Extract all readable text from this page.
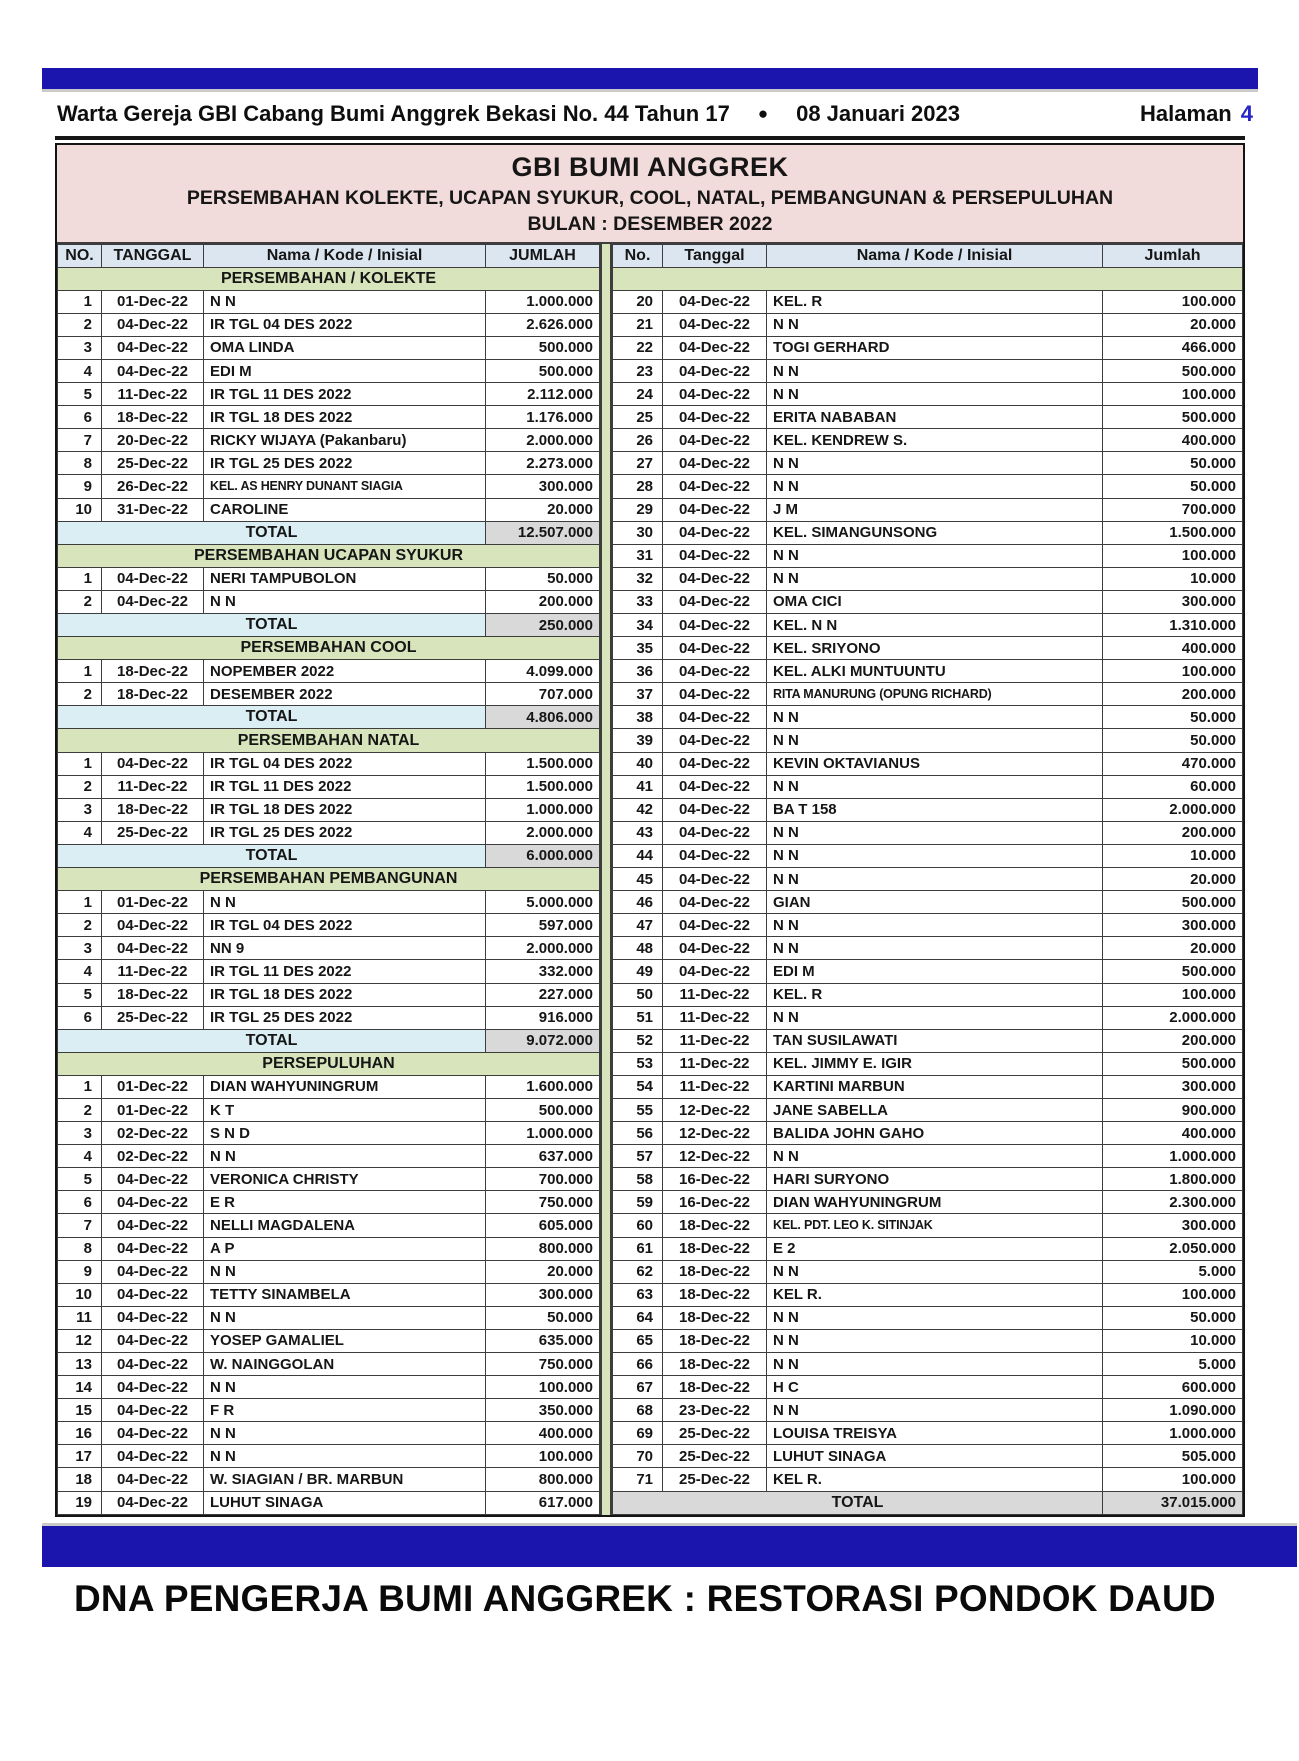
Warta Gereja GBI Cabang Bumi Anggrek Bekasi No. 44 Tahun 17 ● 08 Januari 2023	Halaman 4
GBI BUMI ANGGREK
PERSEMBAHAN KOLEKTE, UCAPAN SYUKUR, COOL, NATAL, PEMBANGUNAN & PERSEPULUHAN
BULAN : DESEMBER 2022
NO.	TANGGAL	Nama / Kode / Inisial	JUMLAH
PERSEMBAHAN / KOLEKTE			
1	01-Dec-22	N N	1.000.000
2	04-Dec-22	IR TGL 04 DES 2022	2.626.000
3	04-Dec-22	OMA LINDA	500.000
4	04-Dec-22	EDI M	500.000
5	11-Dec-22	IR TGL 11 DES 2022	2.112.000
6	18-Dec-22	IR TGL 18 DES 2022	1.176.000
7	20-Dec-22	RICKY WIJAYA (Pakanbaru)	2.000.000
8	25-Dec-22	IR TGL 25 DES 2022	2.273.000
9	26-Dec-22	KEL. AS HENRY DUNANT SIAGIA	300.000
10	31-Dec-22	CAROLINE	20.000
TOTAL			12.507.000
PERSEMBAHAN UCAPAN SYUKUR			
1	04-Dec-22	NERI TAMPUBOLON	50.000
2	04-Dec-22	N N	200.000
TOTAL			250.000
PERSEMBAHAN COOL			
1	18-Dec-22	NOPEMBER 2022	4.099.000
2	18-Dec-22	DESEMBER 2022	707.000
TOTAL			4.806.000
PERSEMBAHAN NATAL			
1	04-Dec-22	IR TGL 04 DES 2022	1.500.000
2	11-Dec-22	IR TGL 11 DES 2022	1.500.000
3	18-Dec-22	IR TGL 18 DES 2022	1.000.000
4	25-Dec-22	IR TGL 25 DES 2022	2.000.000
TOTAL			6.000.000
PERSEMBAHAN PEMBANGUNAN			
1	01-Dec-22	N N	5.000.000
2	04-Dec-22	IR TGL 04 DES 2022	597.000
3	04-Dec-22	NN 9	2.000.000
4	11-Dec-22	IR TGL 11 DES 2022	332.000
5	18-Dec-22	IR TGL 18 DES 2022	227.000
6	25-Dec-22	IR TGL 25 DES 2022	916.000
TOTAL			9.072.000
PERSEPULUHAN			
1	01-Dec-22	DIAN WAHYUNINGRUM	1.600.000
2	01-Dec-22	K T	500.000
3	02-Dec-22	S N D	1.000.000
4	02-Dec-22	N N	637.000
5	04-Dec-22	VERONICA CHRISTY	700.000
6	04-Dec-22	E R	750.000
7	04-Dec-22	NELLI MAGDALENA	605.000
8	04-Dec-22	A P	800.000
9	04-Dec-22	N N	20.000
10	04-Dec-22	TETTY SINAMBELA	300.000
11	04-Dec-22	N N	50.000
12	04-Dec-22	YOSEP GAMALIEL	635.000
13	04-Dec-22	W. NAINGGOLAN	750.000
14	04-Dec-22	N N	100.000
15	04-Dec-22	F R	350.000
16	04-Dec-22	N N	400.000
17	04-Dec-22	N N	100.000
18	04-Dec-22	W. SIAGIAN / BR. MARBUN	800.000
19	04-Dec-22	LUHUT SINAGA	617.000
No.	Tanggal	Nama / Kode / Inisial	Jumlah

20	04-Dec-22	KEL. R	100.000
21	04-Dec-22	N N	20.000
22	04-Dec-22	TOGI GERHARD	466.000
23	04-Dec-22	N N	500.000
24	04-Dec-22	N N	100.000
25	04-Dec-22	ERITA NABABAN	500.000
26	04-Dec-22	KEL. KENDREW S.	400.000
27	04-Dec-22	N N	50.000
28	04-Dec-22	N N	50.000
29	04-Dec-22	J M	700.000
30	04-Dec-22	KEL. SIMANGUNSONG	1.500.000
31	04-Dec-22	N N	100.000
32	04-Dec-22	N N	10.000
33	04-Dec-22	OMA CICI	300.000
34	04-Dec-22	KEL. N N	1.310.000
35	04-Dec-22	KEL. SRIYONO	400.000
36	04-Dec-22	KEL. ALKI MUNTUUNTU	100.000
37	04-Dec-22	RITA MANURUNG (OPUNG RICHARD)	200.000
38	04-Dec-22	N N	50.000
39	04-Dec-22	N N	50.000
40	04-Dec-22	KEVIN OKTAVIANUS	470.000
41	04-Dec-22	N N	60.000
42	04-Dec-22	BA T 158	2.000.000
43	04-Dec-22	N N	200.000
44	04-Dec-22	N N	10.000
45	04-Dec-22	N N	20.000
46	04-Dec-22	GIAN	500.000
47	04-Dec-22	N N	300.000
48	04-Dec-22	N N	20.000
49	04-Dec-22	EDI M	500.000
50	11-Dec-22	KEL. R	100.000
51	11-Dec-22	N N	2.000.000
52	11-Dec-22	TAN SUSILAWATI	200.000
53	11-Dec-22	KEL. JIMMY E. IGIR	500.000
54	11-Dec-22	KARTINI MARBUN	300.000
55	12-Dec-22	JANE SABELLA	900.000
56	12-Dec-22	BALIDA JOHN GAHO	400.000
57	12-Dec-22	N N	1.000.000
58	16-Dec-22	HARI SURYONO	1.800.000
59	16-Dec-22	DIAN WAHYUNINGRUM	2.300.000
60	18-Dec-22	KEL. PDT. LEO K. SITINJAK	300.000
61	18-Dec-22	E 2	2.050.000
62	18-Dec-22	N N	5.000
63	18-Dec-22	KEL R.	100.000
64	18-Dec-22	N N	50.000
65	18-Dec-22	N N	10.000
66	18-Dec-22	N N	5.000
67	18-Dec-22	H C	600.000
68	23-Dec-22	N N	1.090.000
69	25-Dec-22	LOUISA TREISYA	1.000.000
70	25-Dec-22	LUHUT SINAGA	505.000
71	25-Dec-22	KEL R.	100.000
TOTAL			37.015.000
DNA PENGERJA BUMI ANGGREK : RESTORASI PONDOK DAUD
